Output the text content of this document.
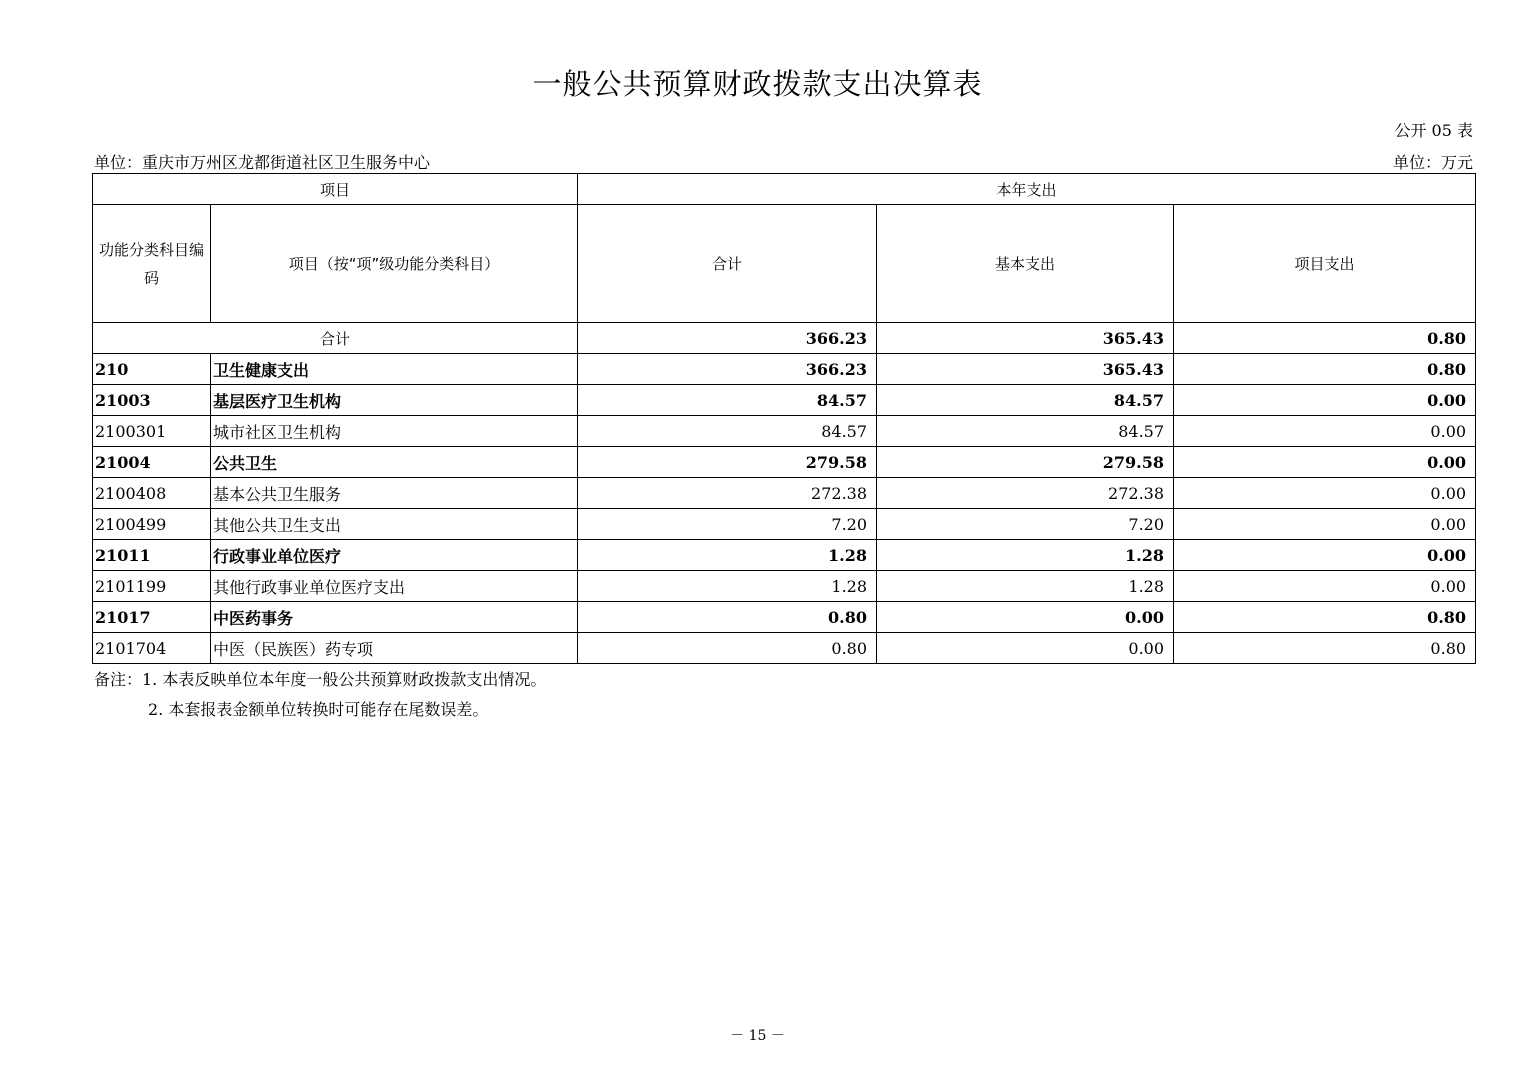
一般公共预算财政拨款支出决算表
公开 05 表
单位：重庆市万州区龙都街道社区卫生服务中心	单位：万元
项目		本年支出		
功能分类科目编码	项目（按“项”级功能分类科目）	合计	基本支出	项目支出
合计		366.23	365.43	0.80
210	卫生健康支出	366.23	365.43	0.80
21003	基层医疗卫生机构	84.57	84.57	0.00
2100301	城市社区卫生机构	84.57	84.57	0.00
21004	公共卫生	279.58	279.58	0.00
2100408	基本公共卫生服务	272.38	272.38	0.00
2100499	其他公共卫生支出	7.20	7.20	0.00
21011	行政事业单位医疗	1.28	1.28	0.00
2101199	其他行政事业单位医疗支出	1.28	1.28	0.00
21017	中医药事务	0.80	0.00	0.80
2101704	中医（民族医）药专项	0.80	0.00	0.80
备注：1. 本表反映单位本年度一般公共预算财政拨款支出情况。
2. 本套报表金额单位转换时可能存在尾数误差。
－ 15 －
